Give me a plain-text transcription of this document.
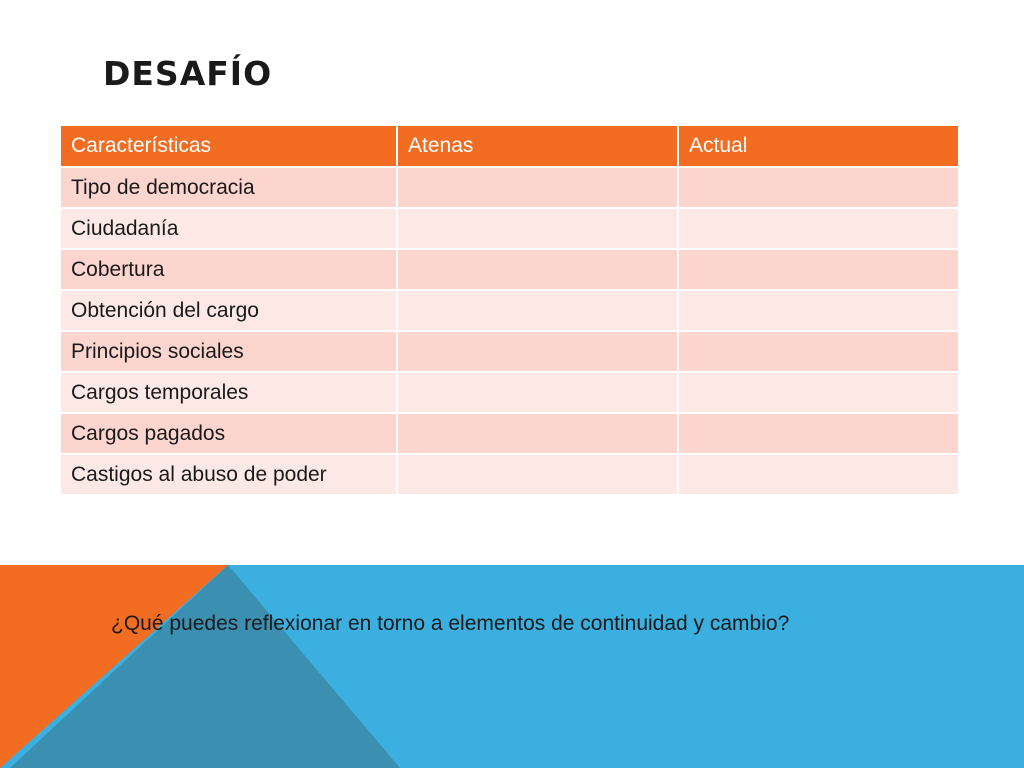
DESAFÍO
Características	Atenas	Actual
Tipo de democracia		
Ciudadanía		
Cobertura		
Obtención del cargo		
Principios sociales		
Cargos temporales		
Cargos pagados		
Castigos al abuso de poder		

¿Qué puedes reflexionar en torno a elementos de continuidad y cambio?
